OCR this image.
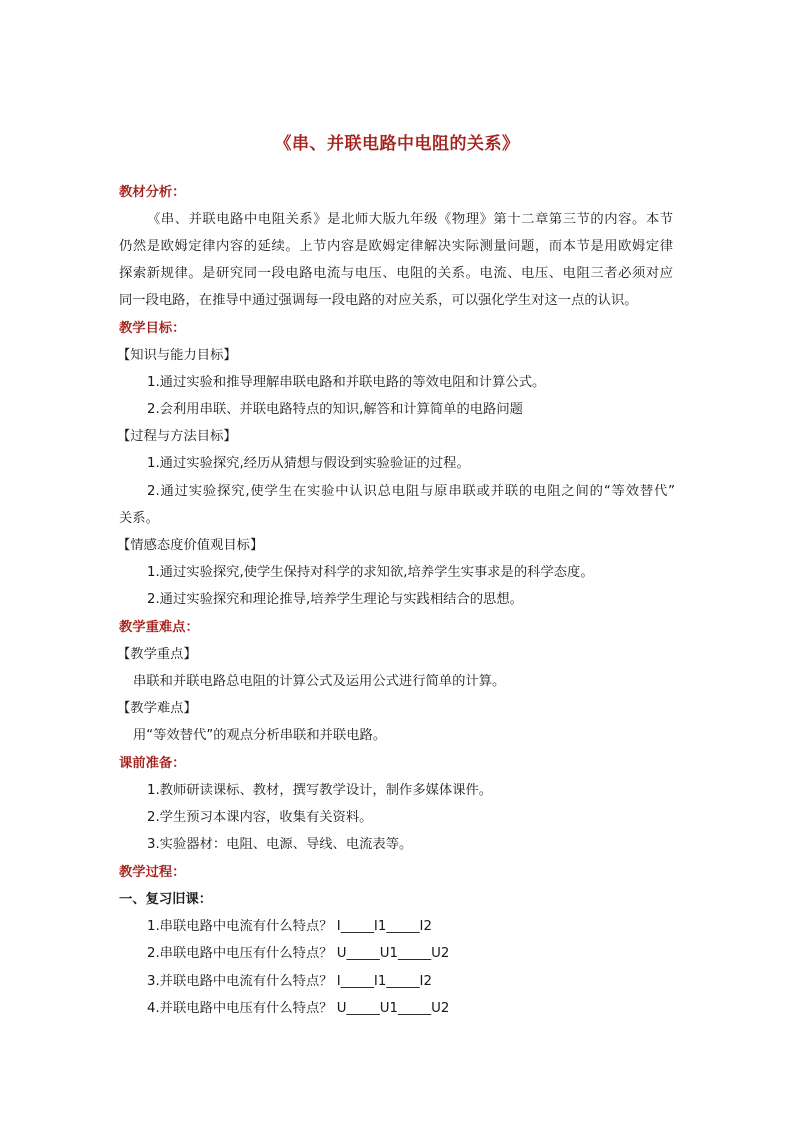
《串、并联电路中电阻的关系》
教材分析：
《串、并联电路中电阻关系》是北师大版九年级《物理》第十二章第三节的内容。本节
仍然是欧姆定律内容的延续。上节内容是欧姆定律解决实际测量问题，而本节是用欧姆定律
探索新规律。是研究同一段电路电流与电压、电阻的关系。电流、电压、电阻三者必须对应
同一段电路，在推导中通过强调每一段电路的对应关系，可以强化学生对这一点的认识。
教学目标：
【知识与能力目标】
1.通过实验和推导理解串联电路和并联电路的等效电阻和计算公式。
2.会利用串联、并联电路特点的知识,解答和计算简单的电路问题
【过程与方法目标】
1.通过实验探究,经历从猜想与假设到实验验证的过程。
2.通过实验探究,使学生在实验中认识总电阻与原串联或并联的电阻之间的“等效替代”
关系。
【情感态度价值观目标】
1.通过实验探究,使学生保持对科学的求知欲,培养学生实事求是的科学态度。
2.通过实验探究和理论推导,培养学生理论与实践相结合的思想。
教学重难点：
【教学重点】
串联和并联电路总电阻的计算公式及运用公式进行简单的计算。
【教学难点】
用“等效替代”的观点分析串联和并联电路。
课前准备：
1.教师研读课标、教材，撰写教学设计，制作多媒体课件。
2.学生预习本课内容，收集有关资料。
3.实验器材：电阻、电源、导线、电流表等。
教学过程：
一、复习旧课：
1.串联电路中电流有什么特点？ I_____I1_____I2
2.串联电路中电压有什么特点？ U_____U1_____U2
3.并联电路中电流有什么特点？ I_____I1_____I2
4.并联电路中电压有什么特点？ U_____U1_____U2
